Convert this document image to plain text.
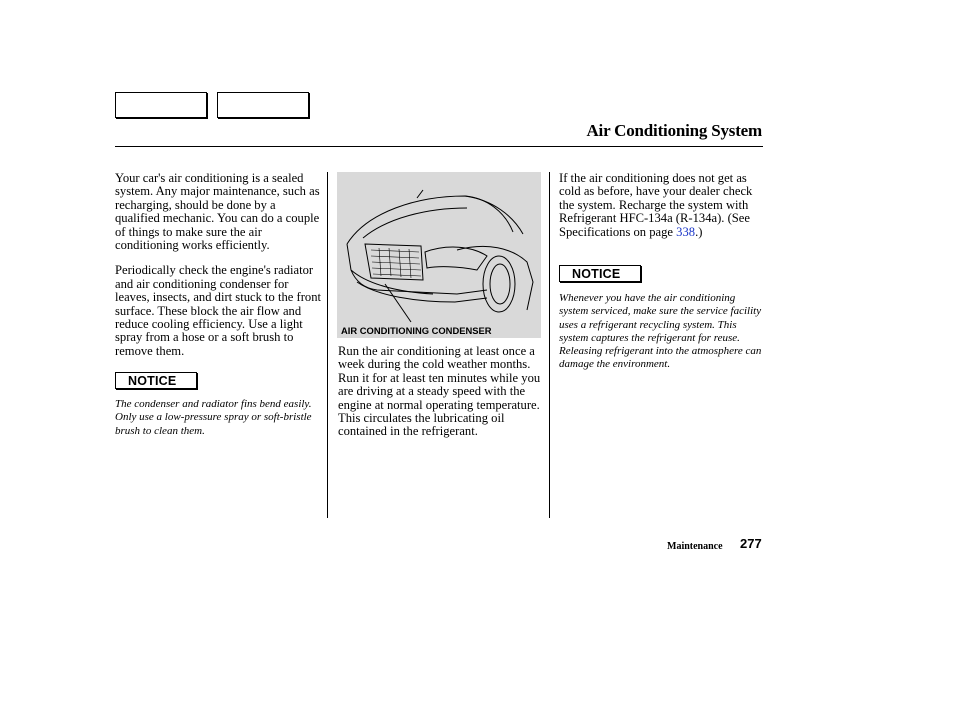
Air Conditioning System

Your car's air conditioning is a sealed system. Any major maintenance, such as recharging, should be done by a qualified mechanic. You can do a couple of things to make sure the air conditioning works efficiently.

Periodically check the engine's radiator and air conditioning condenser for leaves, insects, and dirt stuck to the front surface. These block the air flow and reduce cooling efficiency. Use a light spray from a hose or a soft brush to remove them.

NOTICE
The condenser and radiator fins bend easily. Only use a low-pressure spray or soft-bristle brush to clean them.
AIR CONDITIONING CONDENSER

Run the air conditioning at least once a week during the cold weather months. Run it for at least ten minutes while you are driving at a steady speed with the engine at normal operating temperature. This circulates the lubricating oil contained in the refrigerant.

If the air conditioning does not get as cold as before, have your dealer check the system. Recharge the system with Refrigerant HFC-134a (R-134a). (See Specifications on page 338.)

NOTICE
Whenever you have the air conditioning system serviced, make sure the service facility uses a refrigerant recycling system. This system captures the refrigerant for reuse. Releasing refrigerant into the atmosphere can damage the environment.
Maintenance 277
